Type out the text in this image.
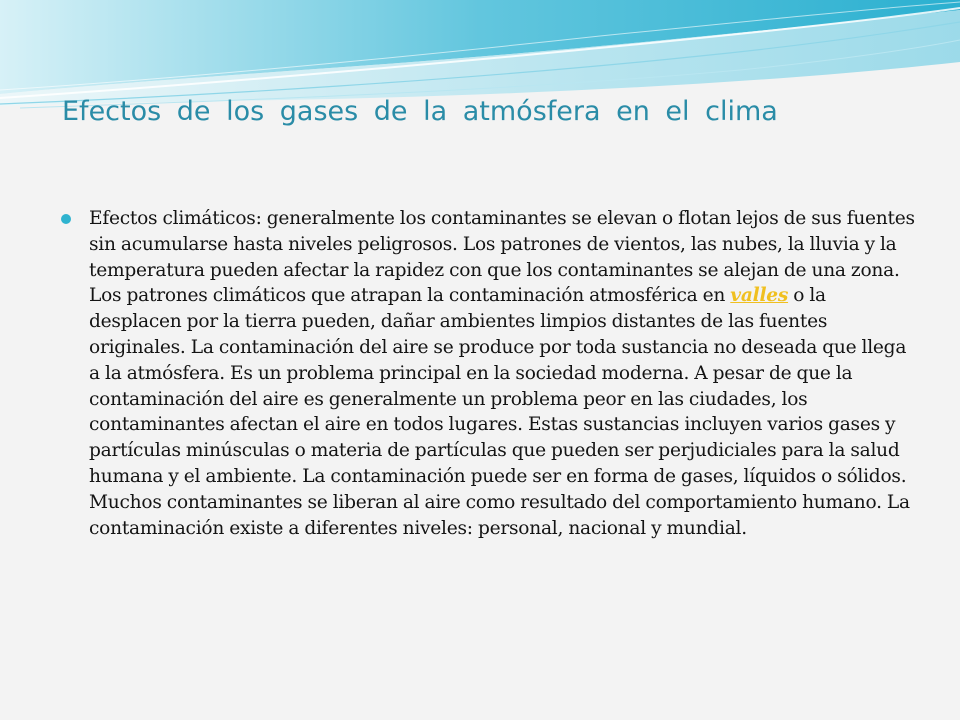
Efectos de los gases de la atmósfera en el clima

Efectos climáticos: generalmente los contaminantes se elevan o flotan lejos de sus fuentes sin acumularse hasta niveles peligrosos. Los patrones de vientos, las nubes, la lluvia y la temperatura pueden afectar la rapidez con que los contaminantes se alejan de una zona. Los patrones climáticos que atrapan la contaminación atmosférica en valles o la desplacen por la tierra pueden, dañar ambientes limpios distantes de las fuentes originales. La contaminación del aire se produce por toda sustancia no deseada que llega a la atmósfera. Es un problema principal en la sociedad moderna. A pesar de que la contaminación del aire es generalmente un problema peor en las ciudades, los contaminantes afectan el aire en todos lugares. Estas sustancias incluyen varios gases y partículas minúsculas o materia de partículas que pueden ser perjudiciales para la salud humana y el ambiente. La contaminación puede ser en forma de gases, líquidos o sólidos. Muchos contaminantes se liberan al aire como resultado del comportamiento humano. La contaminación existe a diferentes niveles: personal, nacional y mundial.
